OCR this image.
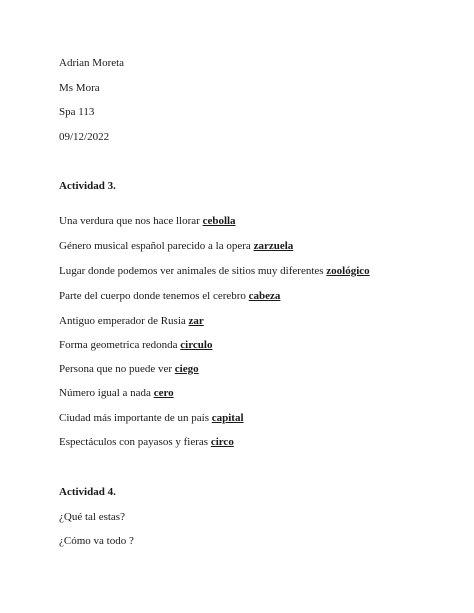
Adrian Moreta
Ms Mora
Spa 113
09/12/2022
Actividad 3.
Una verdura que nos hace llorar cebolla
Género musical español parecido a la opera zarzuela
Lugar donde podemos ver animales de sitios muy diferentes zoológico
Parte del cuerpo donde tenemos el cerebro cabeza
Antiguo emperador de Rusia zar
Forma geometrica redonda circulo
Persona que no puede ver ciego
Número igual a nada cero
Ciudad más importante de un país capital
Espectáculos con payasos y fieras circo
Actividad 4.
¿Qué tal estas?
¿Cómo va todo ?
